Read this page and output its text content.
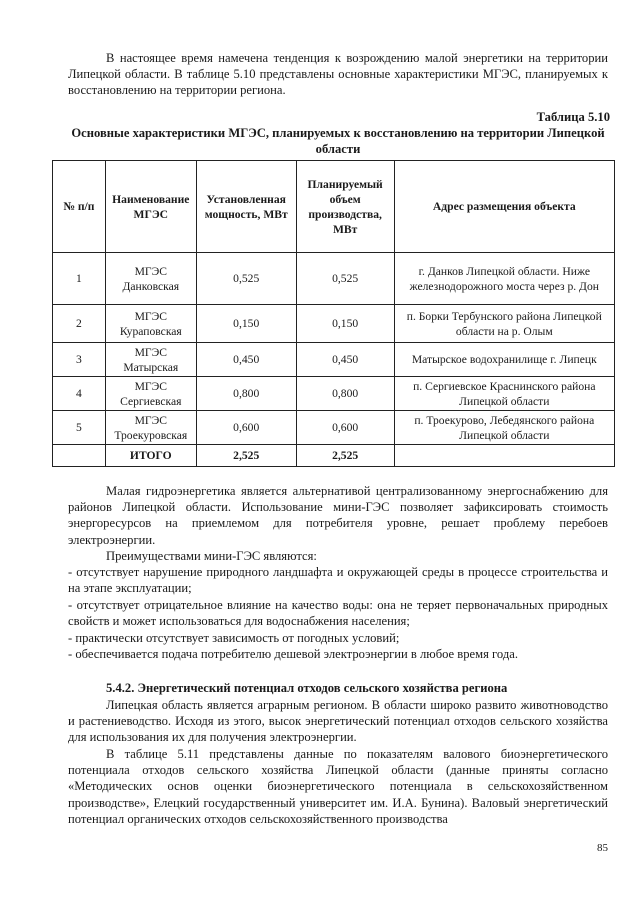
В настоящее время намечена тенденция к возрождению малой энергетики на территории Липецкой области. В таблице 5.10 представлены основные характеристики МГЭС, планируемых к восстановлению на территории региона.

Таблица 5.10
Основные характеристики МГЭС, планируемых к восстановлению на территории Липецкой области
№ п/п	Наименование МГЭС	Установленная мощность, МВт	Планируемый объем производства, МВт	Адрес размещения объекта
1	МГЭС Данковская	0,525	0,525	г. Данков Липецкой области. Ниже железнодорожного моста через р. Дон
2	МГЭС Кураповская	0,150	0,150	п. Борки Тербунского района Липецкой области на р. Олым
3	МГЭС Матырская	0,450	0,450	Матырское водохранилище г. Липецк
4	МГЭС Сергиевская	0,800	0,800	п. Сергиевское Краснинского района Липецкой области
5	МГЭС Троекуровская	0,600	0,600	п. Троекурово, Лебедянского района Липецкой области
	ИТОГО	2,525	2,525	

Малая гидроэнергетика является альтернативой централизованному энергоснабжению для районов Липецкой области. Использование мини-ГЭС позволяет зафиксировать стоимость энергоресурсов на приемлемом для потребителя уровне, решает проблему перебоев электроэнергии.

Преимуществами мини-ГЭС являются:

- отсутствует нарушение природного ландшафта и окружающей среды в процессе строительства и на этапе эксплуатации;

- отсутствует отрицательное влияние на качество воды: она не теряет первоначальных природных свойств и может использоваться для водоснабжения населения;

- практически отсутствует зависимость от погодных условий;

- обеспечивается подача потребителю дешевой электроэнергии в любое время года.

5.4.2. Энергетический потенциал отходов сельского хозяйства региона

Липецкая область является аграрным регионом. В области широко развито животноводство и растениеводство. Исходя из этого, высок энергетический потенциал отходов сельского хозяйства для использования их для получения электроэнергии.

В таблице 5.11 представлены данные по показателям валового биоэнергетического потенциала отходов сельского хозяйства Липецкой области (данные приняты согласно «Методических основ оценки биоэнергетического потенциала в сельскохозяйственном производстве», Елецкий государственный университет им. И.А. Бунина). Валовый энергетический потенциал органических отходов сельскохозяйственного производства

85
